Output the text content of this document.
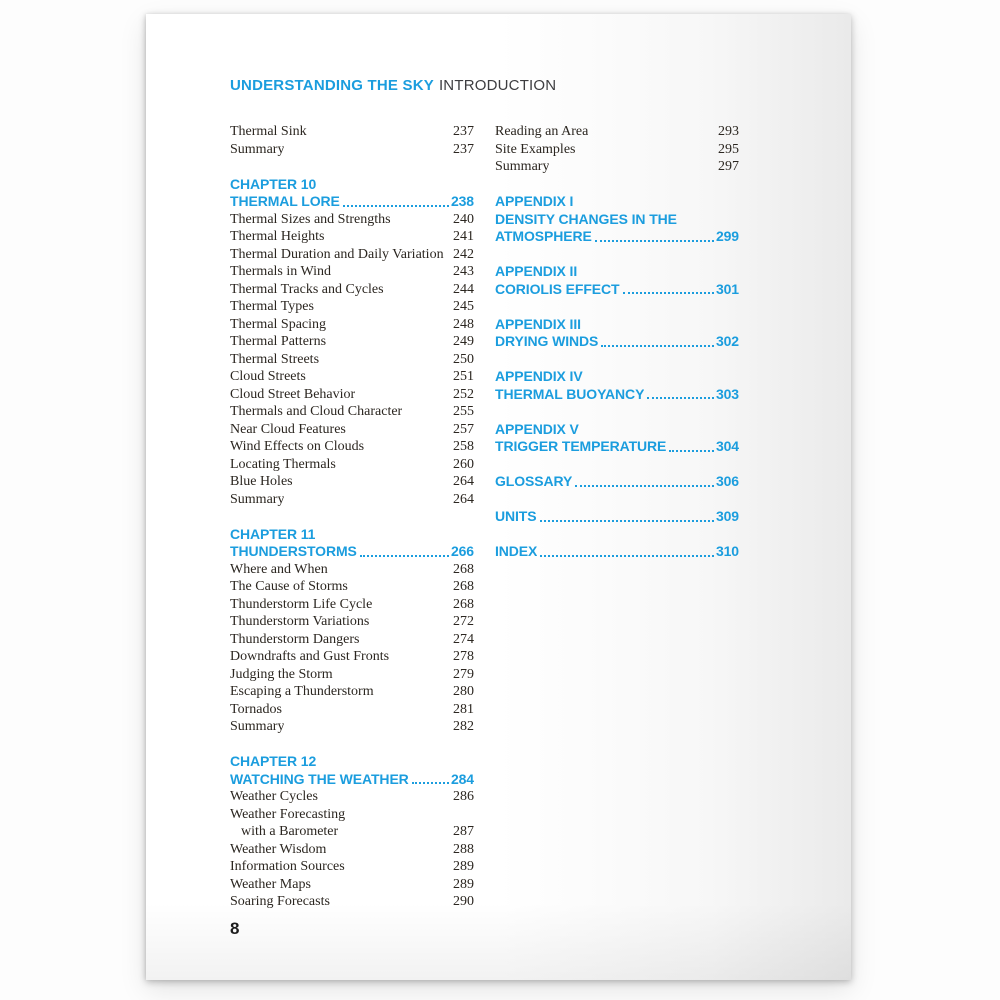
UNDERSTANDING THE SKY INTRODUCTION
Thermal Sink	237
Summary	237
CHAPTER 10
THERMAL LORE	238
Thermal Sizes and Strengths	240
Thermal Heights	241
Thermal Duration and Daily Variation 242
Thermals in Wind	243
Thermal Tracks and Cycles	244
Thermal Types	245
Thermal Spacing	248
Thermal Patterns	249
Thermal Streets	250
Cloud Streets	251
Cloud Street Behavior	252
Thermals and Cloud Character	255
Near Cloud Features	257
Wind Effects on Clouds	258
Locating Thermals	260
Blue Holes	264
Summary	264
CHAPTER 11
THUNDERSTORMS	266
Where and When	268
The Cause of Storms	268
Thunderstorm Life Cycle	268
Thunderstorm Variations	272
Thunderstorm Dangers	274
Downdrafts and Gust Fronts	278
Judging the Storm	279
Escaping a Thunderstorm	280
Tornados	281
Summary	282
CHAPTER 12
WATCHING THE WEATHER	284
Weather Cycles	286
Weather Forecasting
with a Barometer	287
Weather Wisdom	288
Information Sources	289
Weather Maps	289
Soaring Forecasts	290
Reading an Area	293
Site Examples	295
Summary	297
APPENDIX I
DENSITY CHANGES IN THE
ATMOSPHERE	299
APPENDIX II
CORIOLIS EFFECT	301
APPENDIX III
DRYING WINDS	302
APPENDIX IV
THERMAL BUOYANCY	303
APPENDIX V
TRIGGER TEMPERATURE	304
GLOSSARY	306
UNITS	309
INDEX	310
8
